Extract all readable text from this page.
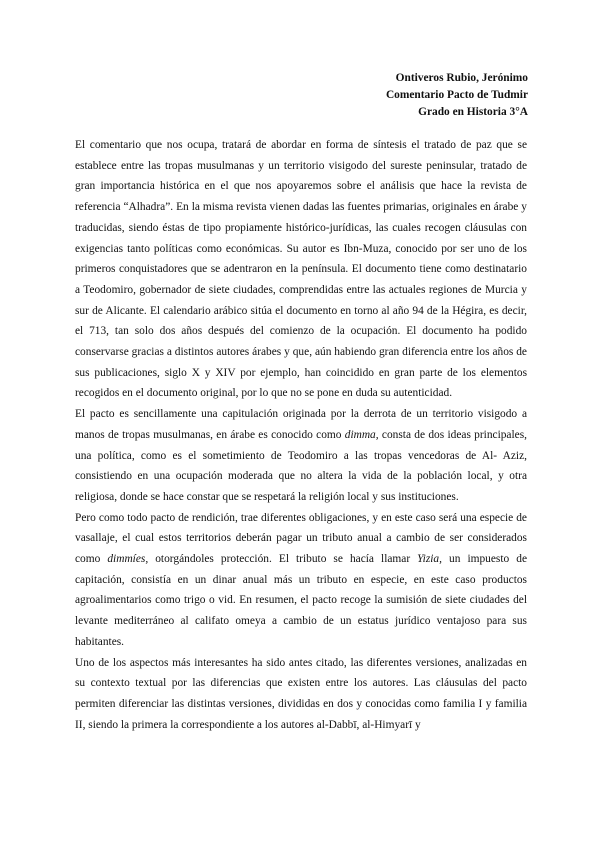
Ontiveros Rubio, Jerónimo
Comentario Pacto de Tudmir
Grado en Historia 3°A

El comentario que nos ocupa, tratará de abordar en forma de síntesis el tratado de paz que se establece entre las tropas musulmanas y un territorio visigodo del sureste peninsular, tratado de gran importancia histórica en el que nos apoyaremos sobre el análisis que hace la revista de referencia “Alhadra”. En la misma revista vienen dadas las fuentes primarias, originales en árabe y traducidas, siendo éstas de tipo propiamente histórico-jurídicas, las cuales recogen cláusulas con exigencias tanto políticas como económicas. Su autor es Ibn-Muza, conocido por ser uno de los primeros conquistadores que se adentraron en la península. El documento tiene como destinatario a Teodomiro, gobernador de siete ciudades, comprendidas entre las actuales regiones de Murcia y sur de Alicante. El calendario arábico sitúa el documento en torno al año 94 de la Hégira, es decir, el 713, tan solo dos años después del comienzo de la ocupación. El documento ha podido conservarse gracias a distintos autores árabes y que, aún habiendo gran diferencia entre los años de sus publicaciones, siglo X y XIV por ejemplo, han coincidido en gran parte de los elementos recogidos en el documento original, por lo que no se pone en duda su autenticidad.

El pacto es sencillamente una capitulación originada por la derrota de un territorio visigodo a manos de tropas musulmanas, en árabe es conocido como dimma, consta de dos ideas principales, una política, como es el sometimiento de Teodomiro a las tropas vencedoras de Al- Aziz, consistiendo en una ocupación moderada que no altera la vida de la población local, y otra religiosa, donde se hace constar que se respetará la religión local y sus instituciones.

Pero como todo pacto de rendición, trae diferentes obligaciones, y en este caso será una especie de vasallaje, el cual estos territorios deberán pagar un tributo anual a cambio de ser considerados como dimmíes, otorgándoles protección. El tributo se hacía llamar Yizia, un impuesto de capitación, consistía en un dinar anual más un tributo en especie, en este caso productos agroalimentarios como trigo o vid. En resumen, el pacto recoge la sumisión de siete ciudades del levante mediterráneo al califato omeya a cambio de un estatus jurídico ventajoso para sus habitantes.

Uno de los aspectos más interesantes ha sido antes citado, las diferentes versiones, analizadas en su contexto textual por las diferencias que existen entre los autores. Las cláusulas del pacto permiten diferenciar las distintas versiones, divididas en dos y conocidas como familia I y familia II, siendo la primera la correspondiente a los autores al-Dabbī, al-Himyarī y
